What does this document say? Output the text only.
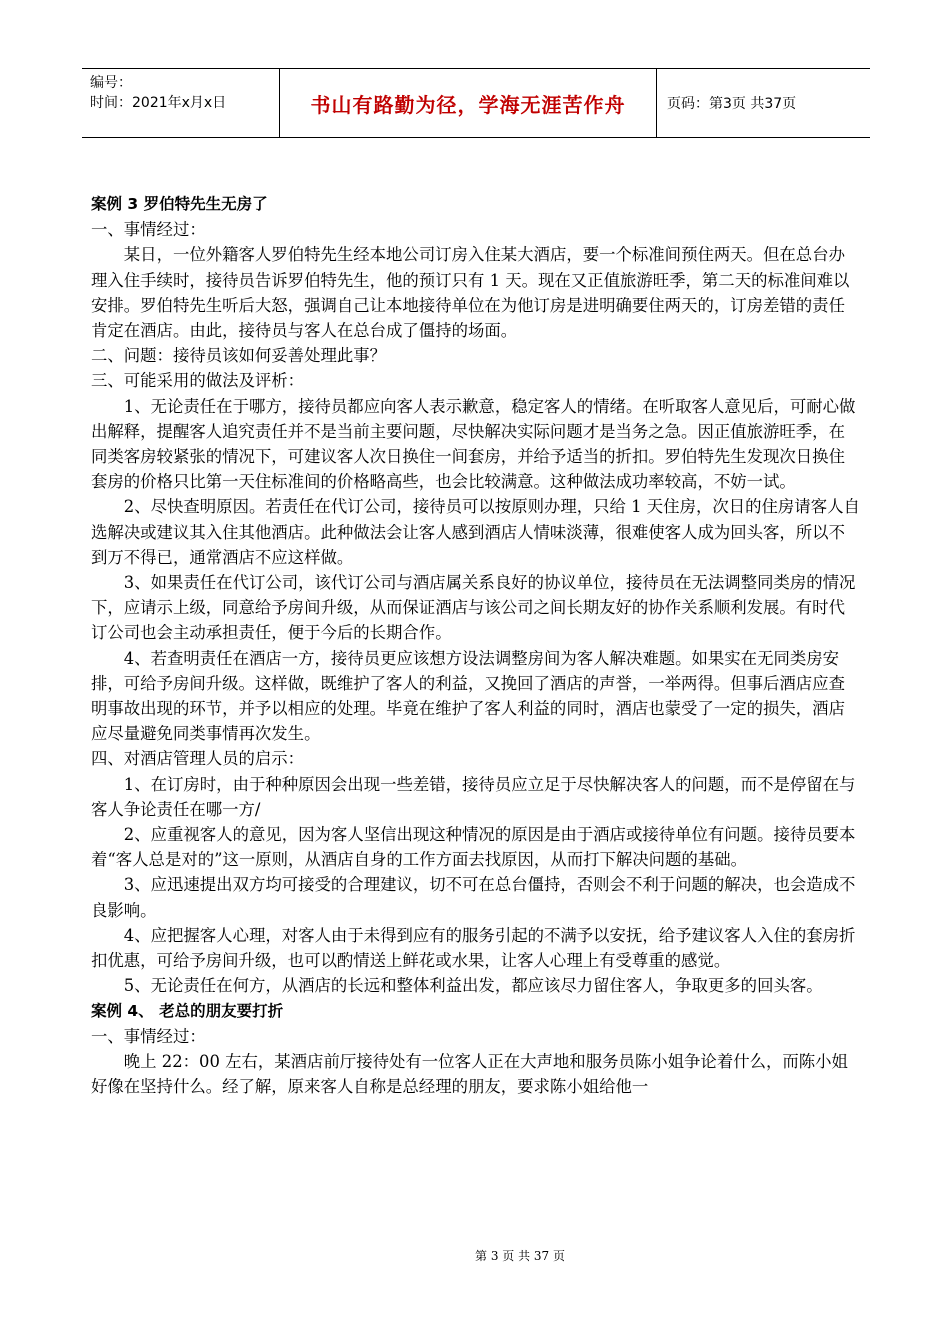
编号：
时间：2021年x月x日	书山有路勤为径，学海无涯苦作舟	页码：第3页 共37页

案例 3 罗伯特先生无房了

一、事情经过：

某日，一位外籍客人罗伯特先生经本地公司订房入住某大酒店，要一个标准间预住两天。但在总台办理入住手续时，接待员告诉罗伯特先生，他的预订只有 1 天。现在又正值旅游旺季，第二天的标准间难以安排。罗伯特先生听后大怒，强调自己让本地接待单位在为他订房是进明确要住两天的，订房差错的责任肯定在酒店。由此，接待员与客人在总台成了僵持的场面。

二、问题：接待员该如何妥善处理此事？

三、可能采用的做法及评析：

1、无论责任在于哪方，接待员都应向客人表示歉意，稳定客人的情绪。在听取客人意见后，可耐心做出解释，提醒客人追究责任并不是当前主要问题，尽快解决实际问题才是当务之急。因正值旅游旺季，在同类客房较紧张的情况下，可建议客人次日换住一间套房，并给予适当的折扣。罗伯特先生发现次日换住套房的价格只比第一天住标准间的价格略高些，也会比较满意。这种做法成功率较高，不妨一试。

2、尽快查明原因。若责任在代订公司，接待员可以按原则办理，只给 1 天住房，次日的住房请客人自选解决或建议其入住其他酒店。此种做法会让客人感到酒店人情味淡薄，很难使客人成为回头客，所以不到万不得已，通常酒店不应这样做。

3、如果责任在代订公司，该代订公司与酒店属关系良好的协议单位，接待员在无法调整同类房的情况下，应请示上级，同意给予房间升级，从而保证酒店与该公司之间长期友好的协作关系顺利发展。有时代订公司也会主动承担责任，便于今后的长期合作。

4、若查明责任在酒店一方，接待员更应该想方设法调整房间为客人解决难题。如果实在无同类房安排，可给予房间升级。这样做，既维护了客人的利益，又挽回了酒店的声誉，一举两得。但事后酒店应查明事故出现的环节，并予以相应的处理。毕竟在维护了客人利益的同时，酒店也蒙受了一定的损失，酒店应尽量避免同类事情再次发生。

四、对酒店管理人员的启示：

1、在订房时，由于种种原因会出现一些差错，接待员应立足于尽快解决客人的问题，而不是停留在与客人争论责任在哪一方/

2、应重视客人的意见，因为客人坚信出现这种情况的原因是由于酒店或接待单位有问题。接待员要本着“客人总是对的”这一原则，从酒店自身的工作方面去找原因，从而打下解决问题的基础。

3、应迅速提出双方均可接受的合理建议，切不可在总台僵持，否则会不利于问题的解决，也会造成不良影响。

4、应把握客人心理，对客人由于未得到应有的服务引起的不满予以安抚，给予建议客人入住的套房折扣优惠，可给予房间升级，也可以酌情送上鲜花或水果，让客人心理上有受尊重的感觉。

5、无论责任在何方，从酒店的长远和整体利益出发，都应该尽力留住客人，争取更多的回头客。

案例 4、 老总的朋友要打折

一、事情经过：

晚上 22：00 左右，某酒店前厅接待处有一位客人正在大声地和服务员陈小姐争论着什么，而陈小姐好像在坚持什么。经了解，原来客人自称是总经理的朋友，要求陈小姐给他一

第 3 页 共 37 页
